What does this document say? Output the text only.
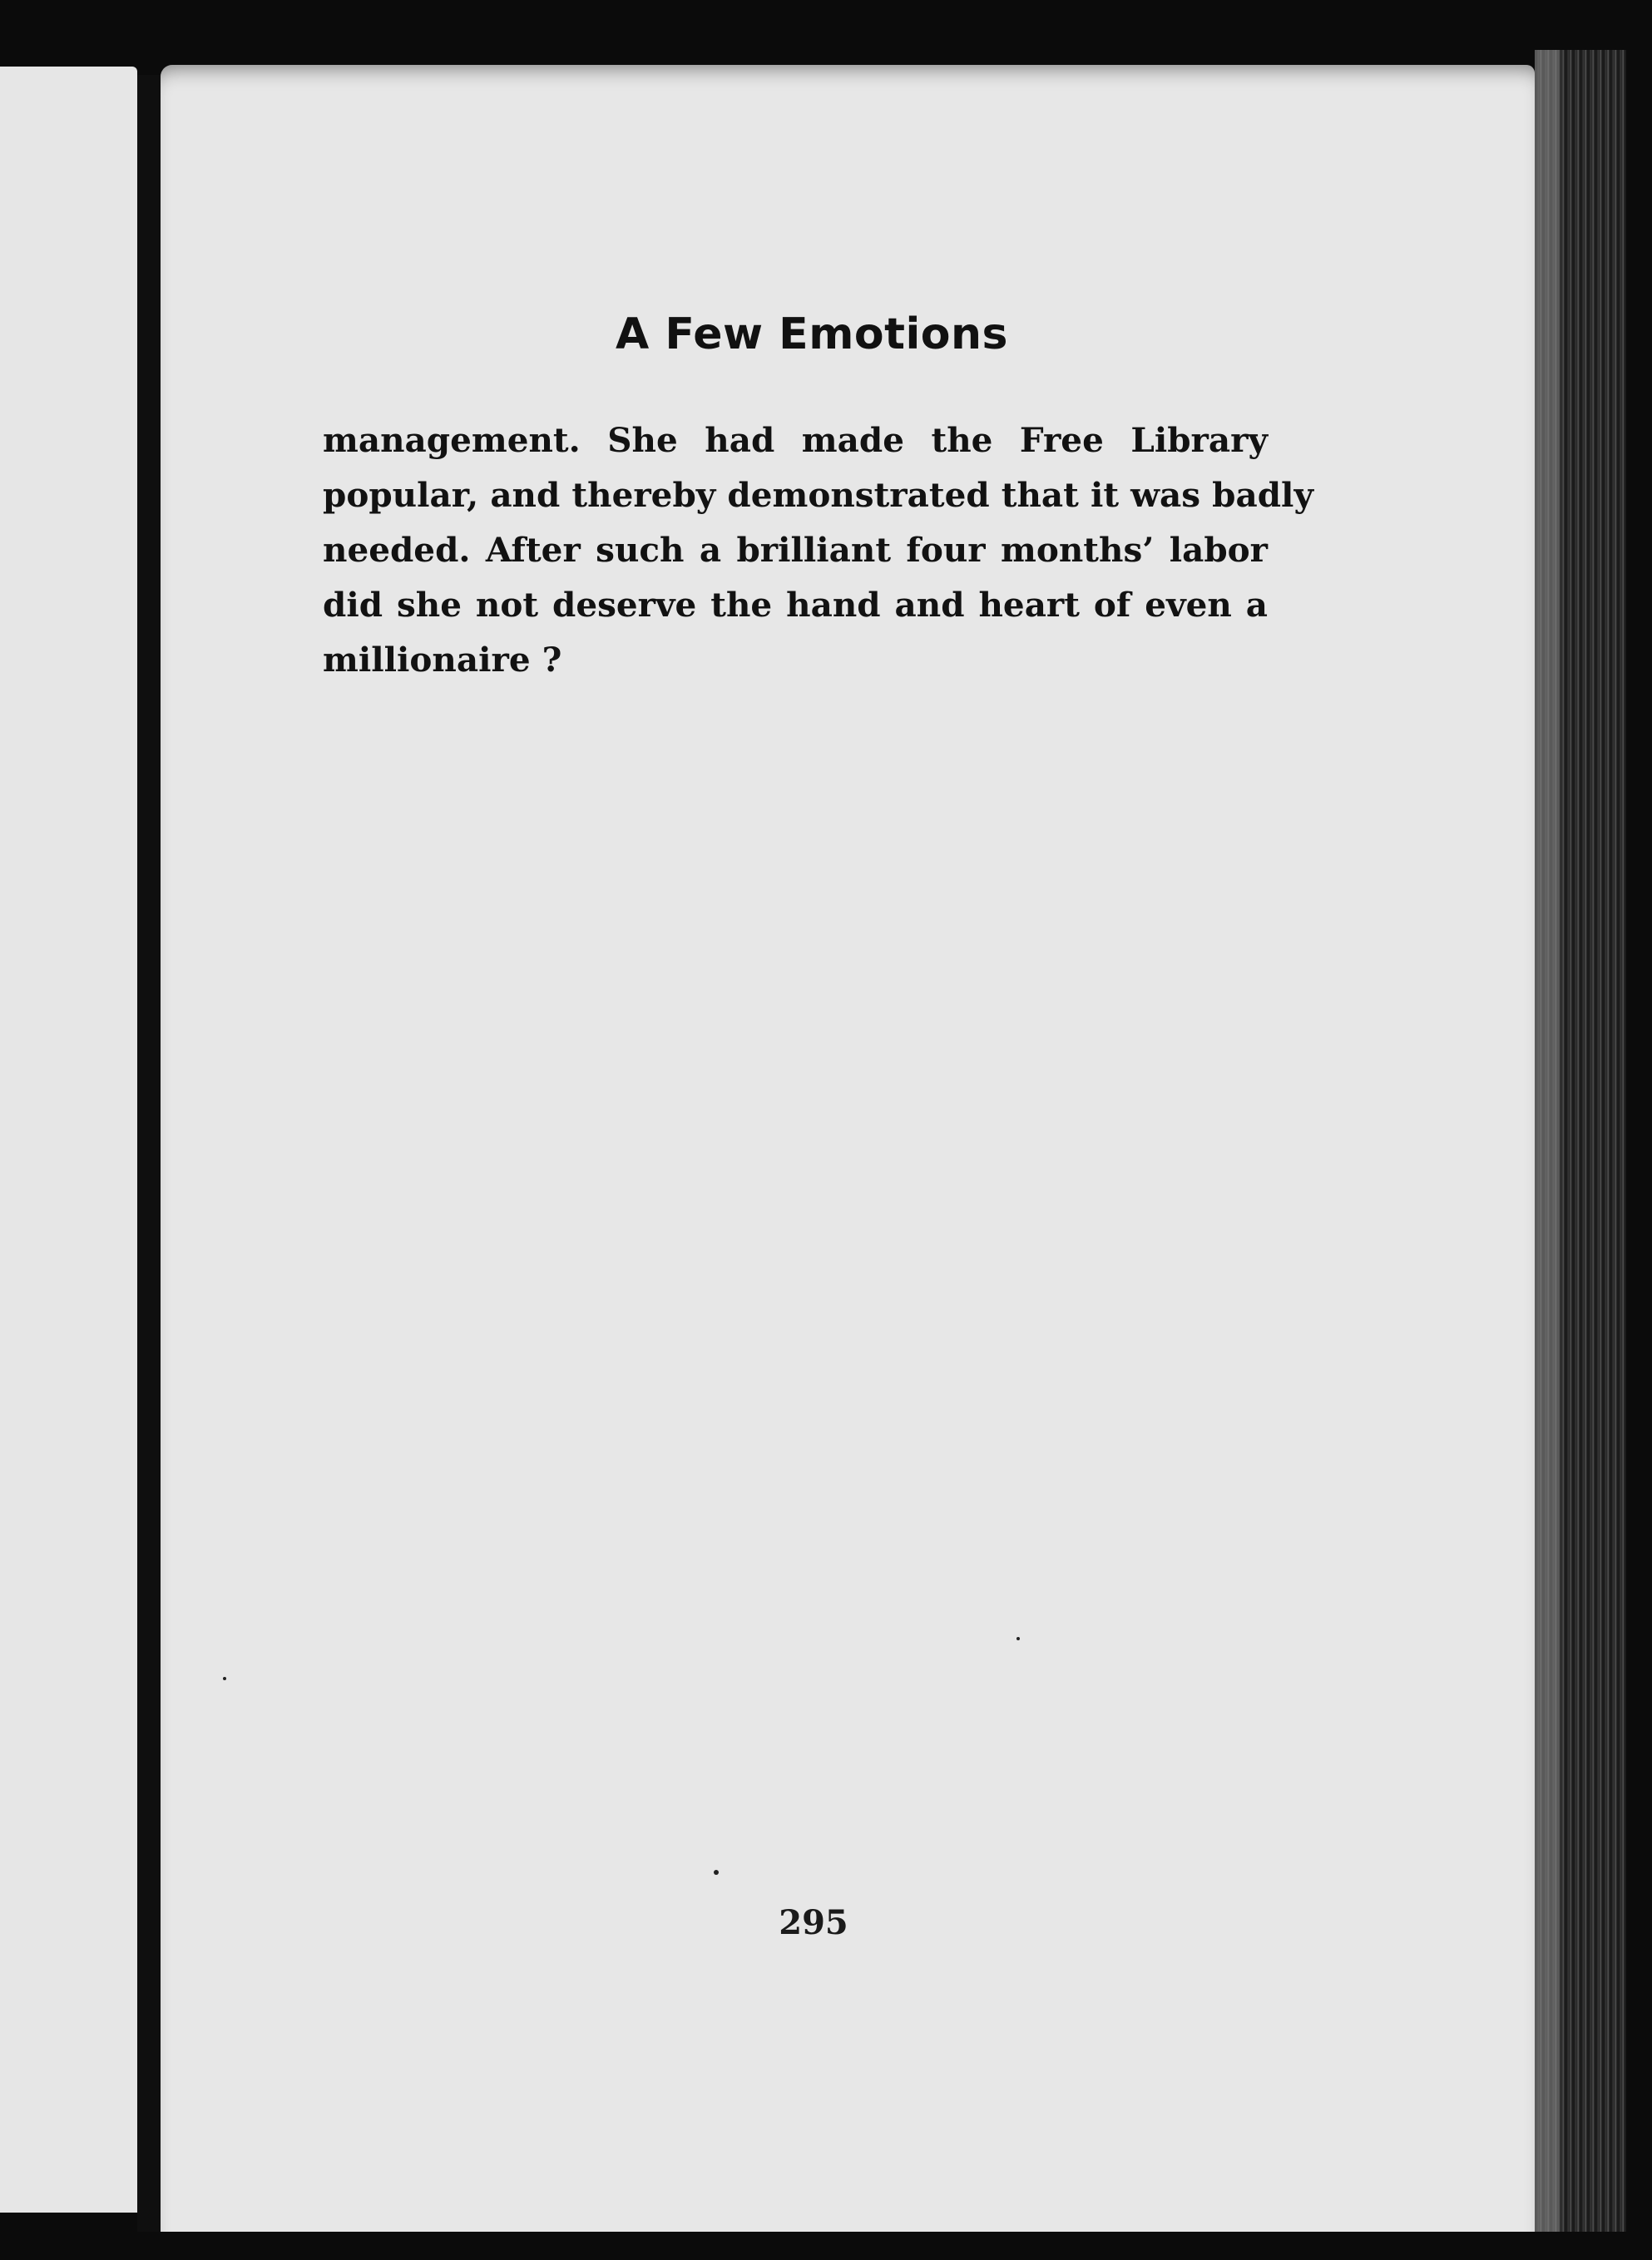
A Few Emotions
management. She had made the Free Library
popular, and thereby demonstrated that it was badly
needed. After such a brilliant four months’ labor
did she not deserve the hand and heart of even a
millionaire ?
295
